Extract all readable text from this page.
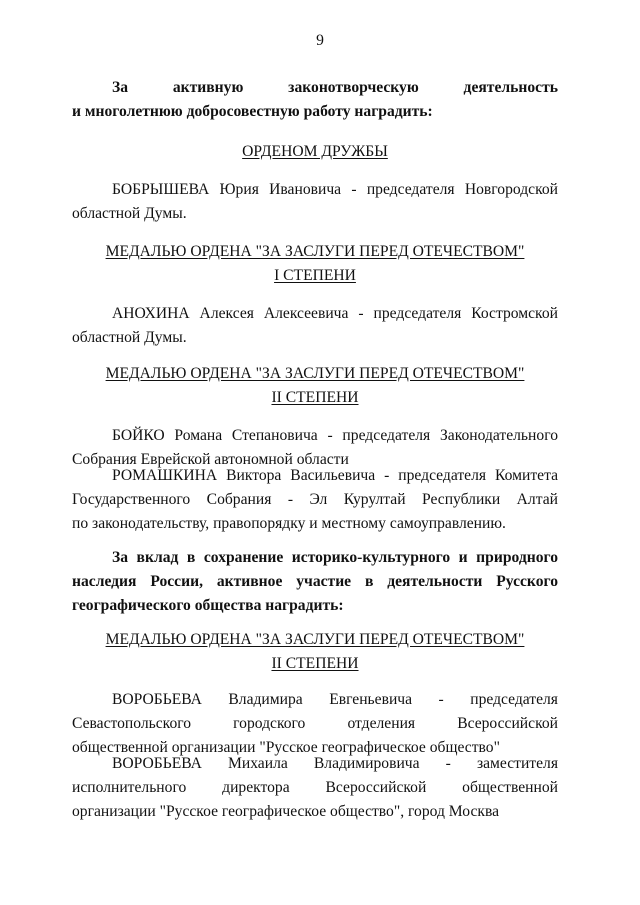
9
За активную законотворческую деятельность
и многолетнюю добросовестную работу наградить:
ОРДЕНОМ ДРУЖБЫ
БОБРЫШЕВА Юрия Ивановича - председателя Новгородской
областной Думы.
МЕДАЛЬЮ ОРДЕНА "ЗА ЗАСЛУГИ ПЕРЕД ОТЕЧЕСТВОМ"
I СТЕПЕНИ
АНОХИНА Алексея Алексеевича - председателя Костромской
областной Думы.
МЕДАЛЬЮ ОРДЕНА "ЗА ЗАСЛУГИ ПЕРЕД ОТЕЧЕСТВОМ"
II СТЕПЕНИ
БОЙКО Романа Степановича - председателя Законодательного
Собрания Еврейской автономной области
РОМАШКИНА Виктора Васильевича - председателя Комитета
Государственного Собрания - Эл Курултай Республики Алтай
по законодательству, правопорядку и местному самоуправлению.
За вклад в сохранение историко-культурного и природного
наследия России, активное участие в деятельности Русского
географического общества наградить:
МЕДАЛЬЮ ОРДЕНА "ЗА ЗАСЛУГИ ПЕРЕД ОТЕЧЕСТВОМ"
II СТЕПЕНИ
ВОРОБЬЕВА Владимира Евгеньевича - председателя
Севастопольского городского отделения Всероссийской
общественной организации "Русское географическое общество"
ВОРОБЬЕВА Михаила Владимировича - заместителя
исполнительного директора Всероссийской общественной
организации "Русское географическое общество", город Москва
